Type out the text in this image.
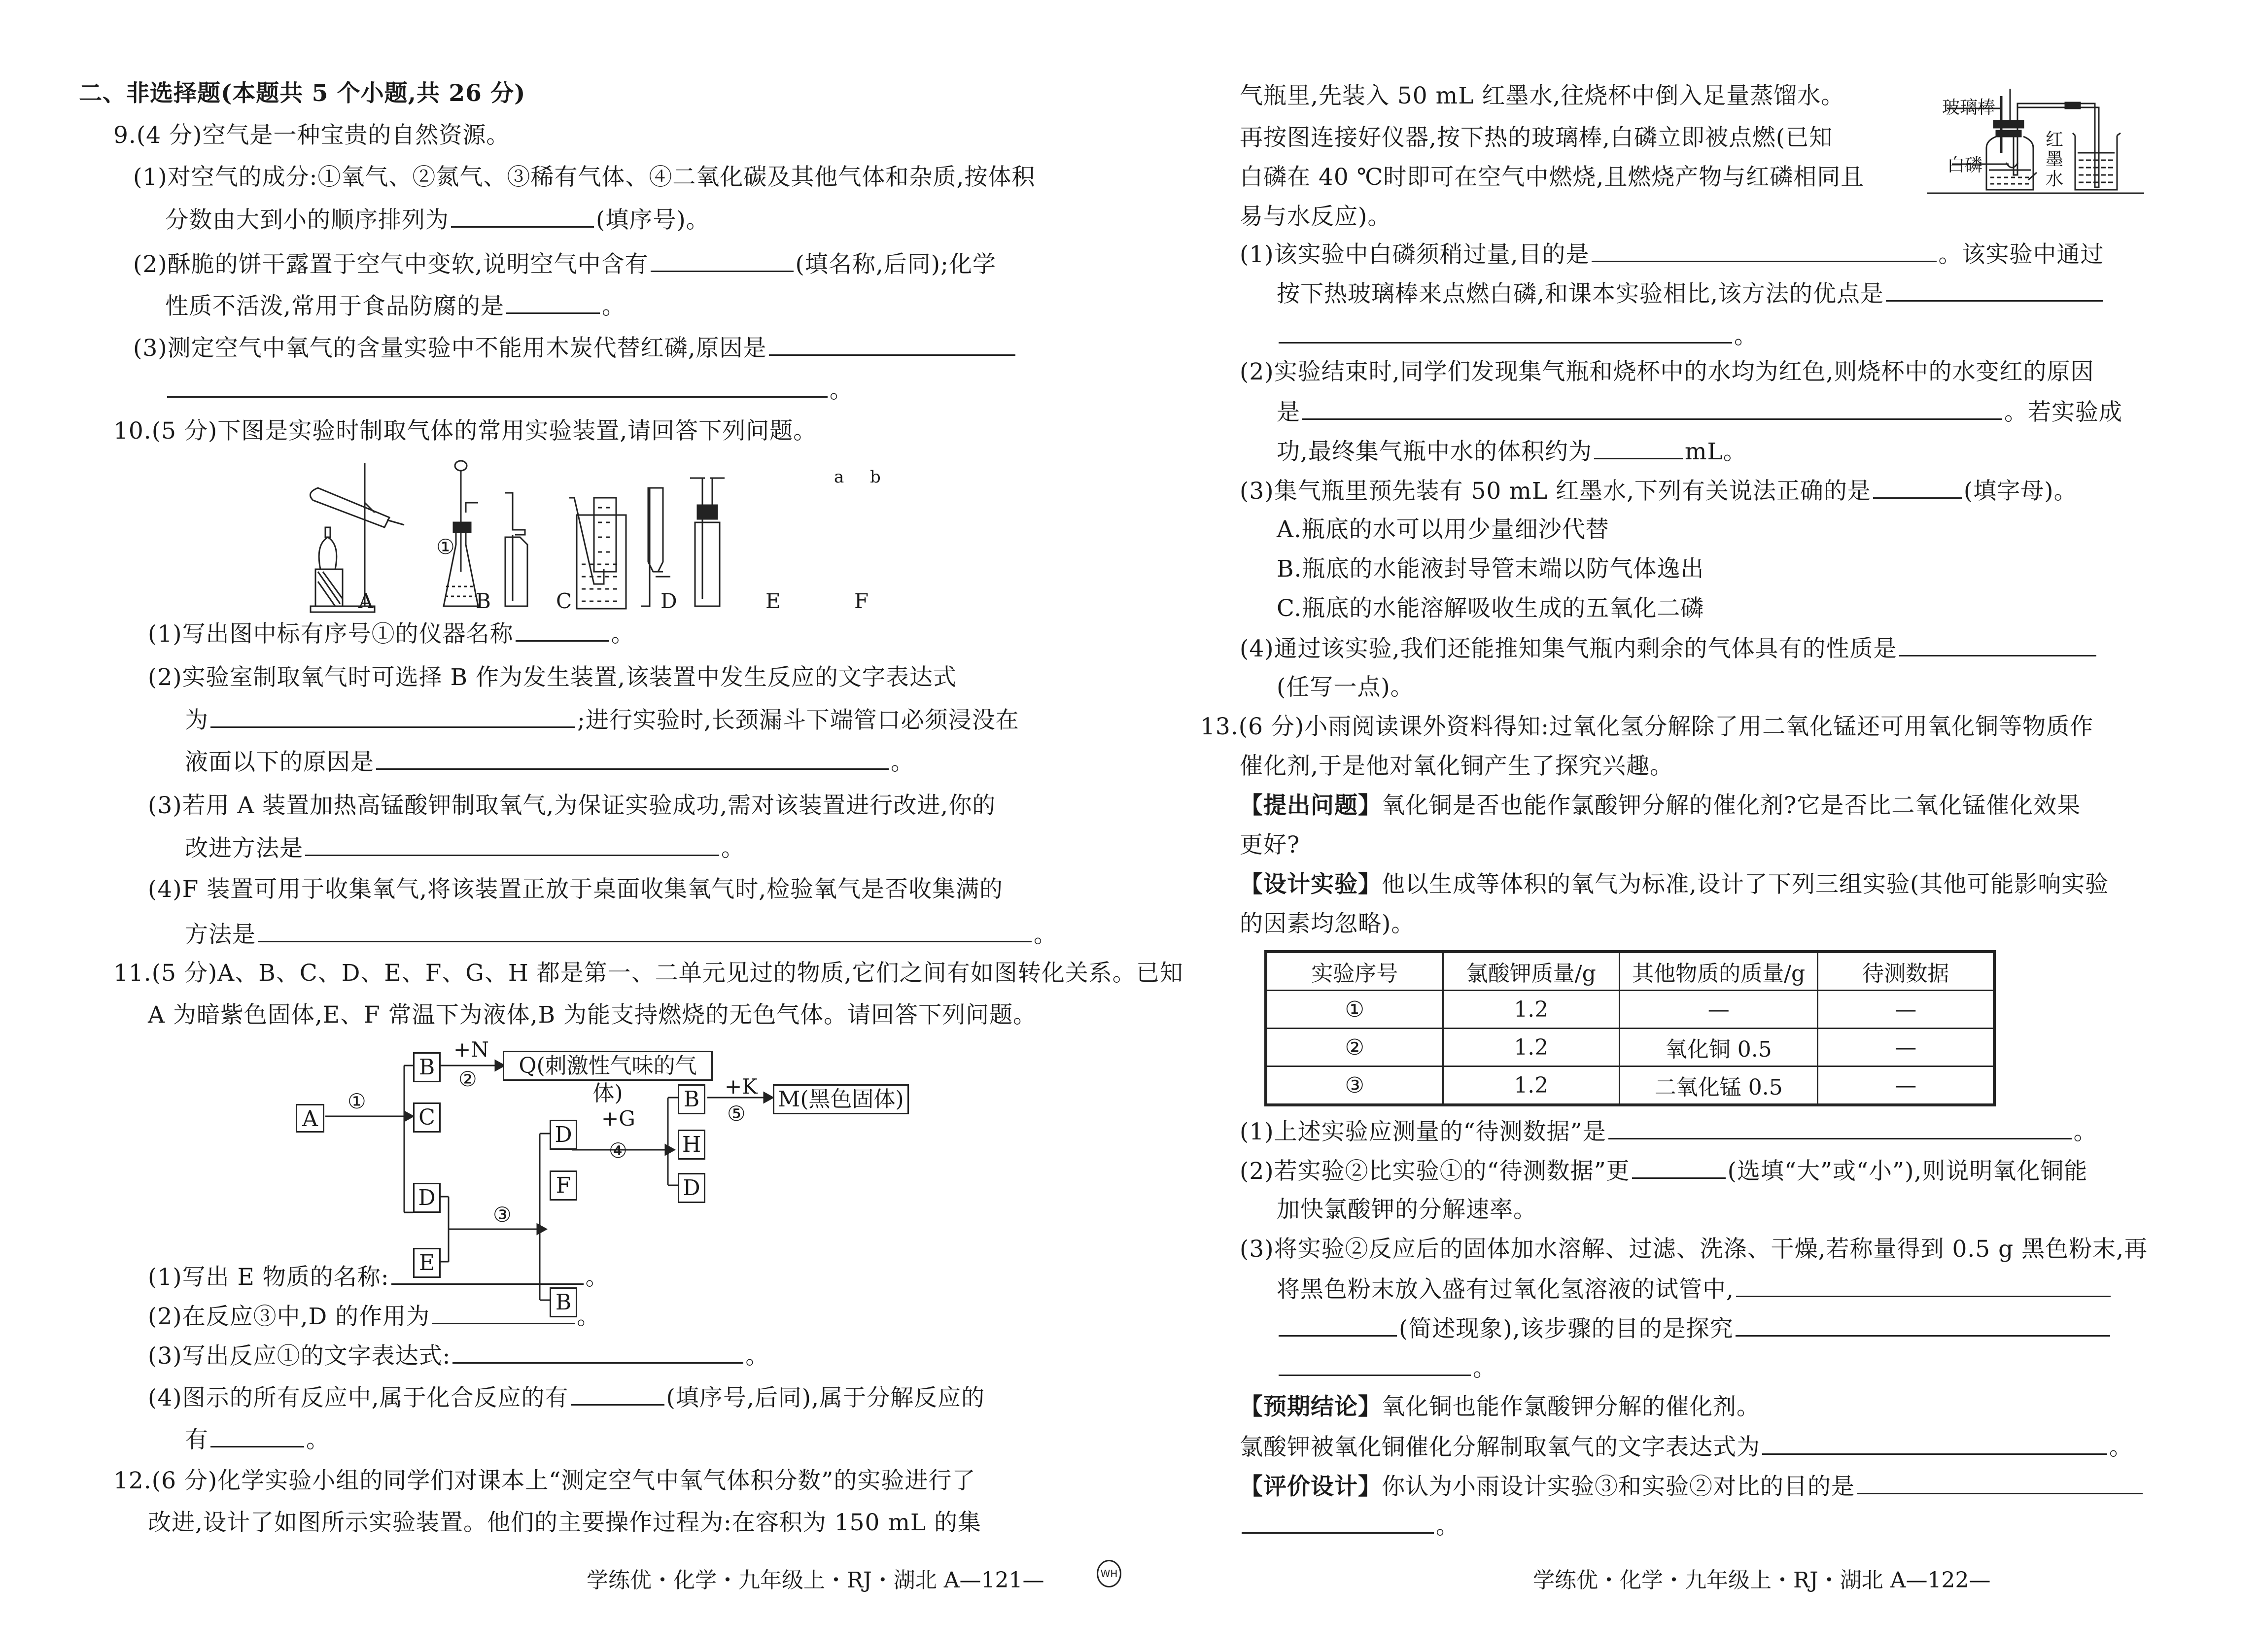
二、非选择题(本题共 5 个小题,共 26 分)
9.(4 分)空气是一种宝贵的自然资源。
(1)对空气的成分:①氧气、②氮气、③稀有气体、④二氧化碳及其他气体和杂质,按体积
分数由大到小的顺序排列为	(填序号)。
(2)酥脆的饼干露置于空气中变软,说明空气中含有	(填名称,后同);化学
性质不活泼,常用于食品防腐的是	。
(3)测定空气中氧气的含量实验中不能用木炭代替红磷,原因是
。
10.(5 分)下图是实验时制取气体的常用实验装置,请回答下列问题。
A	B	C	D	E	F
①
a b
(1)写出图中标有序号①的仪器名称	。
(2)实验室制取氧气时可选择 B 作为发生装置,该装置中发生反应的文字表达式
为	;进行实验时,长颈漏斗下端管口必须浸没在
液面以下的原因是	。
(3)若用 A 装置加热高锰酸钾制取氧气,为保证实验成功,需对该装置进行改进,你的
改进方法是	。
(4)F 装置可用于收集氧气,将该装置正放于桌面收集氧气时,检验氧气是否收集满的
方法是	。
11.(5 分)A、B、C、D、E、F、G、H 都是第一、二单元见过的物质,它们之间有如图转化关系。已知
A 为暗紫色固体,E、F 常温下为液体,B 为能支持燃烧的无色气体。请回答下列问题。
A
B
C
D
E
D
F
B
B
H
D
Q(刺激性气味的气体)	M(黑色固体)
+N
②
①
③
+G
④
+K
⑤
(1)写出 E 物质的名称:	。
(2)在反应③中,D 的作用为	。
(3)写出反应①的文字表达式:	。
(4)图示的所有反应中,属于化合反应的有	(填序号,后同),属于分解反应的
有	。
12.(6 分)化学实验小组的同学们对课本上“测定空气中氧气体积分数”的实验进行了
改进,设计了如图所示实验装置。他们的主要操作过程为:在容积为 150 mL 的集
学练优・化学・九年级上・RJ・湖北 A—121—	WH
气瓶里,先装入 50 mL 红墨水,往烧杯中倒入足量蒸馏水。
再按图连接好仪器,按下热的玻璃棒,白磷立即被点燃(已知
白磷在 40 ℃时即可在空气中燃烧,且燃烧产物与红磷相同且
易与水反应)。
玻璃棒
白磷
红
墨
水
(1)该实验中白磷须稍过量,目的是	。该实验中通过
按下热玻璃棒来点燃白磷,和课本实验相比,该方法的优点是
。
(2)实验结束时,同学们发现集气瓶和烧杯中的水均为红色,则烧杯中的水变红的原因
是	。若实验成
功,最终集气瓶中水的体积约为	mL。
(3)集气瓶里预先装有 50 mL 红墨水,下列有关说法正确的是	(填字母)。
A.瓶底的水可以用少量细沙代替
B.瓶底的水能液封导管末端以防气体逸出
C.瓶底的水能溶解吸收生成的五氧化二磷
(4)通过该实验,我们还能推知集气瓶内剩余的气体具有的性质是
(任写一点)。
13.(6 分)小雨阅读课外资料得知:过氧化氢分解除了用二氧化锰还可用氧化铜等物质作
催化剂,于是他对氧化铜产生了探究兴趣。
【提出问题】氧化铜是否也能作氯酸钾分解的催化剂?它是否比二氧化锰催化效果
更好?
【设计实验】他以生成等体积的氧气为标准,设计了下列三组实验(其他可能影响实验
的因素均忽略)。
实验序号	氯酸钾质量/g	其他物质的质量/g	待测数据
①	1.2	—	—
②	1.2	氧化铜 0.5	—
③	1.2	二氧化锰 0.5	—
(1)上述实验应测量的“待测数据”是	。
(2)若实验②比实验①的“待测数据”更	(选填“大”或“小”),则说明氧化铜能
加快氯酸钾的分解速率。
(3)将实验②反应后的固体加水溶解、过滤、洗涤、干燥,若称量得到 0.5 g 黑色粉末,再
将黑色粉末放入盛有过氧化氢溶液的试管中,
(简述现象),该步骤的目的是探究
。
【预期结论】氧化铜也能作氯酸钾分解的催化剂。
氯酸钾被氧化铜催化分解制取氧气的文字表达式为	。
【评价设计】你认为小雨设计实验③和实验②对比的目的是
。
学练优・化学・九年级上・RJ・湖北 A—122—
